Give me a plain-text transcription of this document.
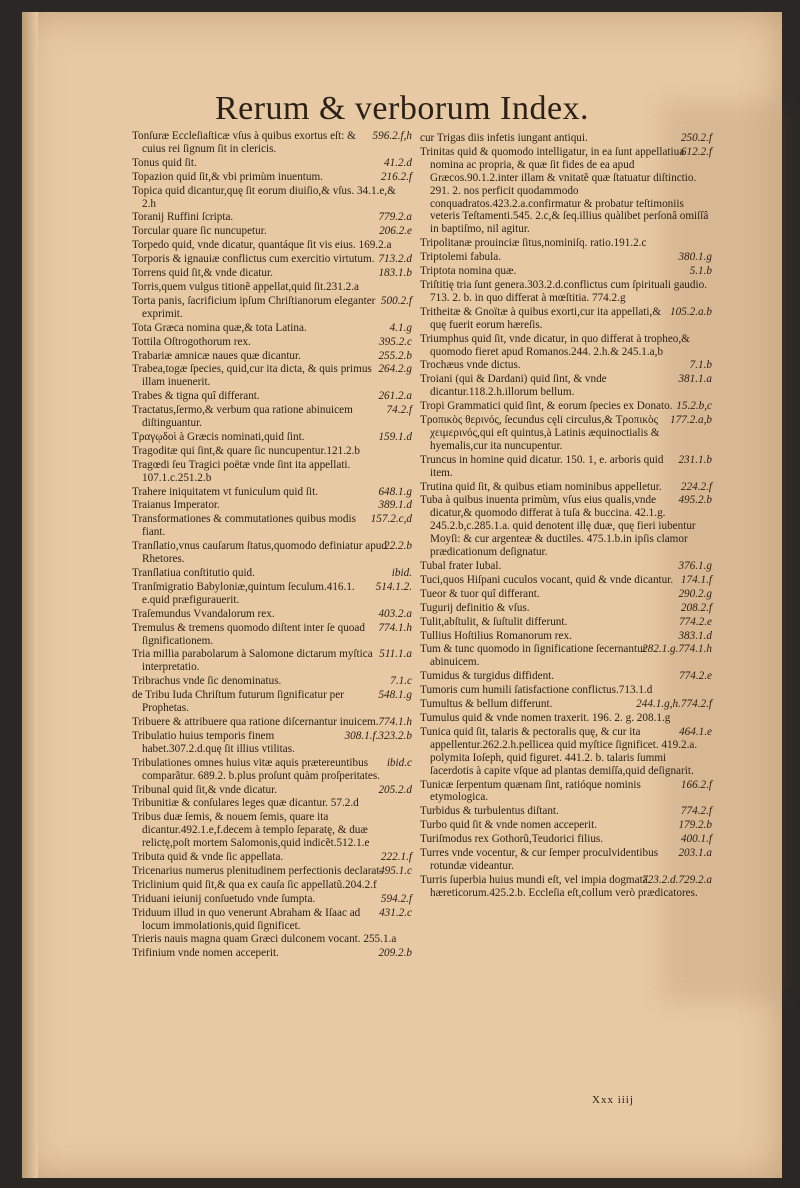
Rerum & verborum Index.
596.2.f,h
Tonſuræ Eccleſiaſticæ vſus à quibus exortus eſt: & cuius rei ſignum ſit in clericis.
41.2.d
Tonus quid ſit.
216.2.f
Topazion quid ſit,& vbi primùm inuentum.
Topica quid dicantur,quę ſit eorum diuiſio,& vſus. 34.1.e,& 2.h
779.2.a
Toranij Ruffini ſcripta.
206.2.e
Torcular quare ſic nuncupetur.
Torpedo quid, vnde dicatur, quantáque ſit vis eius. 169.2.a
713.2.d
Torporis & ignauiæ conflictus cum exercitio virtutum.
183.1.b
Torrens quid ſit,& vnde dicatur.
Torris,quem vulgus titionẽ appellat,quid ſit.231.2.a
500.2.f
Torta panis, ſacrificium ipſum Chriſtianorum eleganter exprimit.
4.1.g
Tota Græca nomina quæ,& tota Latina.
395.2.c
Tottila Oſtrogothorum rex.
255.2.b
Trabariæ amnicæ naues quæ dicantur.
264.2.g
Trabea,togæ ſpecies, quid,cur ita dicta, & quis primus illam inuenerit.
261.2.a
Trabes & tigna quî differant.
74.2.f
Tractatus,ſermo,& verbum qua ratione abinuicem diſtinguantur.
159.1.d
Τραγῳδοὶ à Græcis nominati,quid ſint.
Tragoditæ qui ſint,& quare ſic nuncupentur.121.2.b
Tragœdi ſeu Tragici poëtæ vnde ſint ita appellati. 107.1.c.251.2.b
648.1.g
Trahere iniquitatem vt funiculum quid ſit.
389.1.d
Traianus Imperator.
157.2.c,d
Transformationes & commutationes quibus modis fiant.
22.2.b
Tranſlatio,vnus cauſarum ſtatus,quomodo definiatur apud Rhetores.
ibid.
Tranſlatiua conſtitutio quid.
514.1.2.
Tranſmigratio Babyloniæ,quintum ſeculum.416.1. e.quid præfigurauerit.
403.2.a
Traſemundus Vvandalorum rex.
774.1.h
Tremulus & tremens quomodo diſtent inter ſe quoad ſignificationem.
511.1.a
Tria millia parabolarum à Salomone dictarum myſtica interpretatio.
7.1.c
Tribrachus vnde ſic denominatus.
548.1.g
de Tribu Iuda Chriſtum futurum ſignificatur per Prophetas.
774.1.h
Tribuere & attribuere qua ratione diſcernantur inuicem.
308.1.f.323.2.b
Tribulatio huius temporis finem habet.307.2.d.quę ſit illius vtilitas.
ibid.c
Tribulationes omnes huius vitæ aquis prætereuntibus comparãtur. 689.2. b.plus proſunt quàm proſperitates.
205.2.d
Tribunal quid ſit,& vnde dicatur.
Tribunitiæ & conſulares leges quæ dicantur. 57.2.d
Tribus duæ ſemis, & nouem ſemis, quare ita dicantur.492.1.e,f.decem à templo ſeparatę, & duæ relictę,poſt mortem Salomonis,quid indicẽt.512.1.e
222.1.f
Tributa quid & vnde ſic appellata.
495.1.c
Tricenarius numerus plenitudinem perfectionis declarat.
Triclinium quid ſit,& qua ex cauſa ſic appellatũ.204.2.f
594.2.f
Triduani ieiunij conſuetudo vnde ſumpta.
431.2.c
Triduum illud in quo venerunt Abraham & Iſaac ad locum immolationis,quid ſignificet.
Trieris nauis magna quam Græci dulconem vocant. 255.1.a
209.2.b
Trifinium vnde nomen acceperit.
250.2.f
cur Trigas diis infetis iungant antiqui.
612.2.f
Trinitas quid & quomodo intelligatur, in ea ſunt appellatiua nomina ac propria, & quæ ſit fides de ea apud Græcos.90.1.2.inter illam & vnitatẽ quæ ſtatuatur diſtinctio. 291. 2. nos perficit quodammodo conquadratos.423.2.a.confirmatur & probatur teſtimoniis veteris Teſtamenti.545. 2.c,& ſeq.illius quàlibet perſonâ omiſſâ in baptiſmo, nil agitur.
Tripolitanæ prouinciæ ſitus,nominiſq. ratio.191.2.c
380.1.g
Triptolemi fabula.
5.1.b
Triptota nomina quæ.
Triſtitię tria ſunt genera.303.2.d.conflictus cum ſpirituali gaudio. 713. 2. b. in quo differat à mœſtitia. 774.2.g
105.2.a.b
Tritheitæ & Gnoïtæ à quibus exorti,cur ita appellati,& quę fuerit eorum hæreſis.
Triumphus quid ſit, vnde dicatur, in quo differat à tropheo,& quomodo fieret apud Romanos.244. 2.h.& 245.1.a,b
7.1.b
Trochæus vnde dictus.
381.1.a
Troiani (qui & Dardani) quid ſint, & vnde dicantur.118.2.h.illorum bellum.
15.2.b,c
Tropi Grammatici quid ſint, & eorum ſpecies ex Donato.
177.2.a,b
Τροπικὸς θερινός, ſecundus cęli circulus,& Τροπικὸς χειμερινός,qui eſt quintus,à Latinis æquinoctialis & hyemalis,cur ita nuncupentur.
231.1.b
Truncus in homine quid dicatur. 150. 1, e. arboris quid item.
224.2.f
Trutina quid ſit, & quibus etiam nominibus appelletur.
495.2.b
Tuba à quibus inuenta primùm, vſus eius qualis,vnde dicatur,& quomodo differat à tuſa & buccina. 42.1.g. 245.2.b,c.285.1.a. quid denotent illę duæ, quę fieri iubentur Moyſi: & cur argenteæ & ductiles. 475.1.b.in ipſis clamor prædicationum deſignatur.
376.1.g
Tubal frater Iubal.
174.1.f
Tuci,quos Hiſpani cuculos vocant, quid & vnde dicantur.
290.2.g
Tueor & tuor quî differant.
208.2.f
Tugurij definitio & vſus.
774.2.e
Tulit,abſtulit, & ſuſtulit differunt.
383.1.d
Tullius Hoſtilius Romanorum rex.
282.1.g.774.1.h
Tum & tunc quomodo in ſignificatione ſecernantur abinuicem.
774.2.e
Tumidus & turgidus diffident.
Tumoris cum humili ſatisfactione conflictus.713.1.d
244.1.g,h.774.2.f
Tumultus & bellum differunt.
Tumulus quid & vnde nomen traxerit. 196. 2. g. 208.1.g
464.1.e
Tunica quid ſit, talaris & pectoralis quę, & cur ita appellentur.262.2.h.pellicea quid myſtice ſignificet. 419.2.a. polymita Ioſeph, quid figuret. 441.2. b. talaris ſummi ſacerdotis à capite vſque ad plantas demiſſa,quid deſignarit.
166.2.f
Tunicæ ſerpentum quænam ſint, ratióque nominis etymologica.
774.2.f
Turbidus & turbulentus diſtant.
179.2.b
Turbo quid ſit & vnde nomen acceperit.
400.1.f
Turiſmodus rex Gothorũ,Teudorici filius.
203.1.a
Turres vnde vocentur, & cur ſemper proculvidentibus rotundæ videantur.
723.2.d.729.2.a
Turris ſuperbia huius mundi eſt, vel impia dogmata hæreticorum.425.2.b. Eccleſia eſt,collum verò prædicatores.
Xxx iiij
